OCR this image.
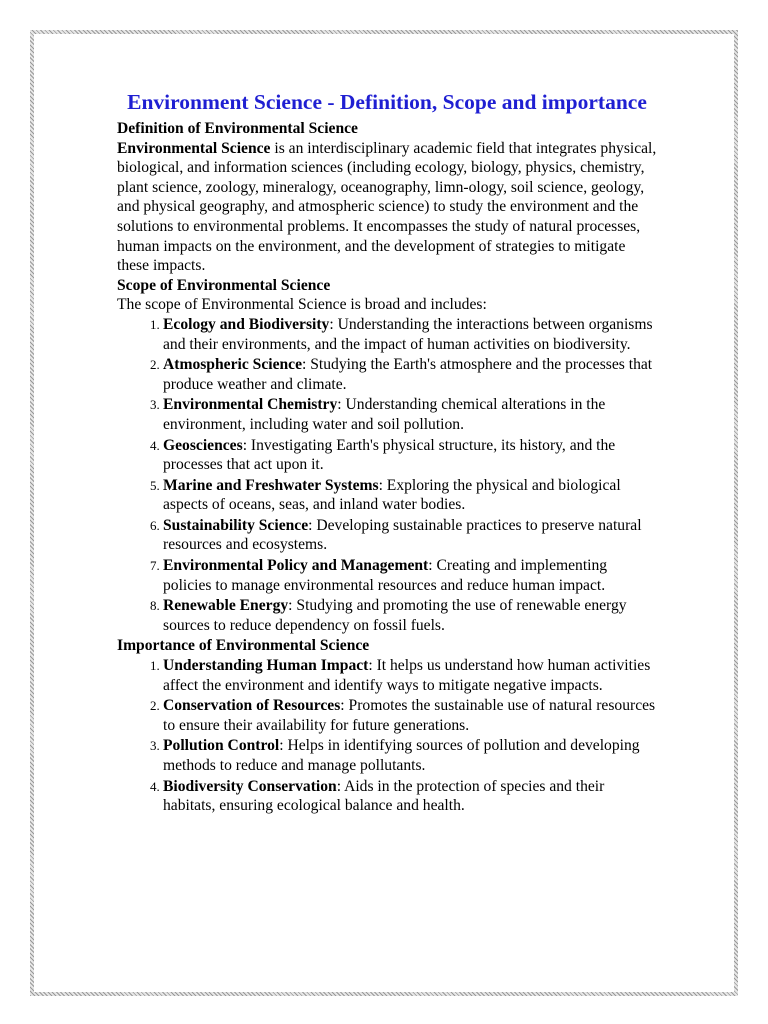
Environment Science - Definition, Scope and importance

Definition of Environmental Science

Environmental Science is an interdisciplinary academic field that integrates physical, biological, and information sciences (including ecology, biology, physics, chemistry, plant science, zoology, mineralogy, oceanography, limn-ology, soil science, geology, and physical geography, and atmospheric science) to study the environment and the solutions to environmental problems. It encompasses the study of natural processes, human impacts on the environment, and the development of strategies to mitigate these impacts.

Scope of Environmental Science

The scope of Environmental Science is broad and includes:

1. Ecology and Biodiversity: Understanding the interactions between organisms and their environments, and the impact of human activities on biodiversity.
2. Atmospheric Science: Studying the Earth's atmosphere and the processes that produce weather and climate.
3. Environmental Chemistry: Understanding chemical alterations in the environment, including water and soil pollution.
4. Geosciences: Investigating Earth's physical structure, its history, and the processes that act upon it.
5. Marine and Freshwater Systems: Exploring the physical and biological aspects of oceans, seas, and inland water bodies.
6. Sustainability Science: Developing sustainable practices to preserve natural resources and ecosystems.
7. Environmental Policy and Management: Creating and implementing policies to manage environmental resources and reduce human impact.
8. Renewable Energy: Studying and promoting the use of renewable energy sources to reduce dependency on fossil fuels.

Importance of Environmental Science

1. Understanding Human Impact: It helps us understand how human activities affect the environment and identify ways to mitigate negative impacts.
2. Conservation of Resources: Promotes the sustainable use of natural resources to ensure their availability for future generations.
3. Pollution Control: Helps in identifying sources of pollution and developing methods to reduce and manage pollutants.
4. Biodiversity Conservation: Aids in the protection of species and their habitats, ensuring ecological balance and health.
